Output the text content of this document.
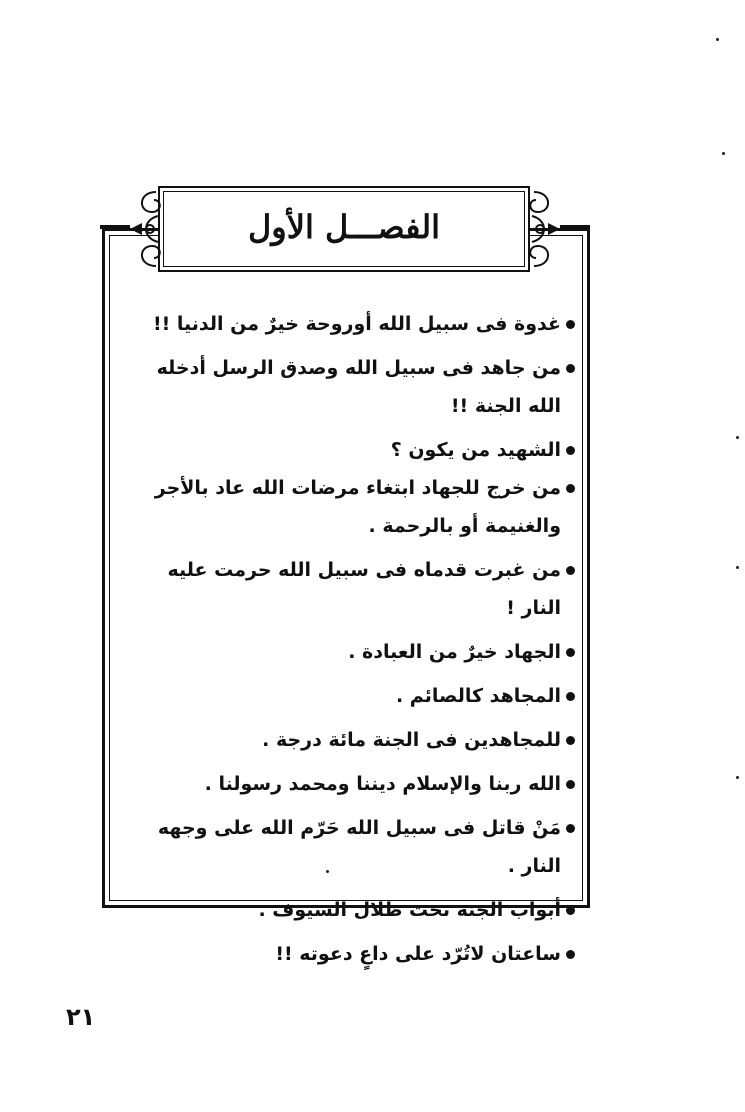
الفصـــل الأول
غدوة فى سبيل الله أوروحة خيرٌ من الدنيا !!
من جاهد فى سبيل الله وصدق الرسل أدخله الله الجنة !!
الشهيد من يكون ؟
من خرج للجهاد ابتغاء مرضات الله عاد بالأجر والغنيمة أو بالرحمة .
من غبرت قدماه فى سبيل الله حرمت عليه النار !
الجهاد خيرٌ من العبادة .
المجاهد كالصائم .
للمجاهدين فى الجنة مائة درجة .
الله ربنا والإسلام ديننا ومحمد رسولنا .
مَنْ قاتل فى سبيل الله حَرّم الله على وجهه النار .
أبواب الجنة تحت ظلال السيوف .
ساعتان لاتُرّد على داعٍ دعوته !!
٢١
